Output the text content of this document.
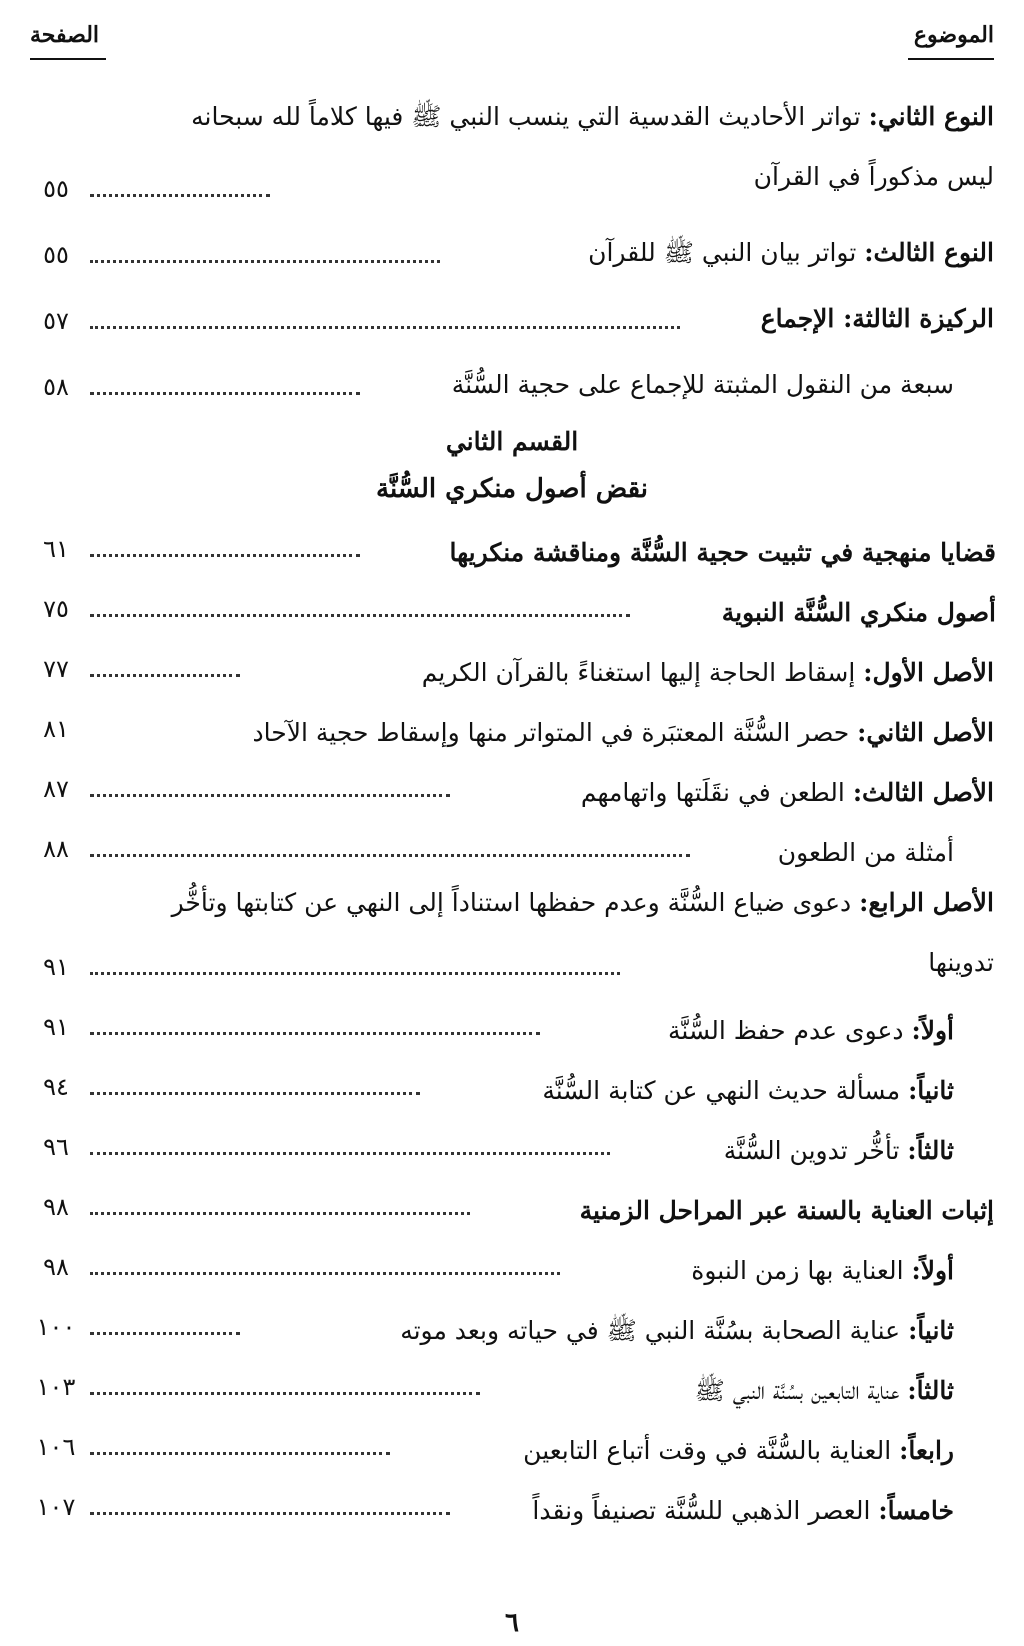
الموضوع
الصفحة
النوع الثاني: تواتر الأحاديث القدسية التي ينسب النبي ﷺ فيها كلاماً لله سبحانه ليس مذكوراً في القرآن
٥٥
النوع الثالث: تواتر بيان النبي ﷺ للقرآن
٥٥
الركيزة الثالثة: الإجماع
٥٧
سبعة من النقول المثبتة للإجماع على حجية السُّنَّة
٥٨
القسم الثاني
نقض أصول منكري السُّنَّة
قضايا منهجية في تثبيت حجية السُّنَّة ومناقشة منكريها
٦١
أصول منكري السُّنَّة النبوية
٧٥
الأصل الأول: إسقاط الحاجة إليها استغناءً بالقرآن الكريم
٧٧
الأصل الثاني: حصر السُّنَّة المعتبَرة في المتواتر منها وإسقاط حجية الآحاد
٨١
الأصل الثالث: الطعن في نقَلَتها واتهامهم
٨٧
أمثلة من الطعون
٨٨
الأصل الرابع: دعوى ضياع السُّنَّة وعدم حفظها استناداً إلى النهي عن كتابتها وتأخُّر تدوينها
٩١
أولاً: دعوى عدم حفظ السُّنَّة
٩١
ثانياً: مسألة حديث النهي عن كتابة السُّنَّة
٩٤
ثالثاً: تأخُّر تدوين السُّنَّة
٩٦
إثبات العناية بالسنة عبر المراحل الزمنية
٩٨
أولاً: العناية بها زمن النبوة
٩٨
ثانياً: عناية الصحابة بسُنَّة النبي ﷺ في حياته وبعد موته
١٠٠
ثالثاً: عناية التابعين بسُنَّة النبي ﷺ
١٠٣
رابعاً: العناية بالسُّنَّة في وقت أتباع التابعين
١٠٦
خامساً: العصر الذهبي للسُّنَّة تصنيفاً ونقداً
١٠٧
٦
